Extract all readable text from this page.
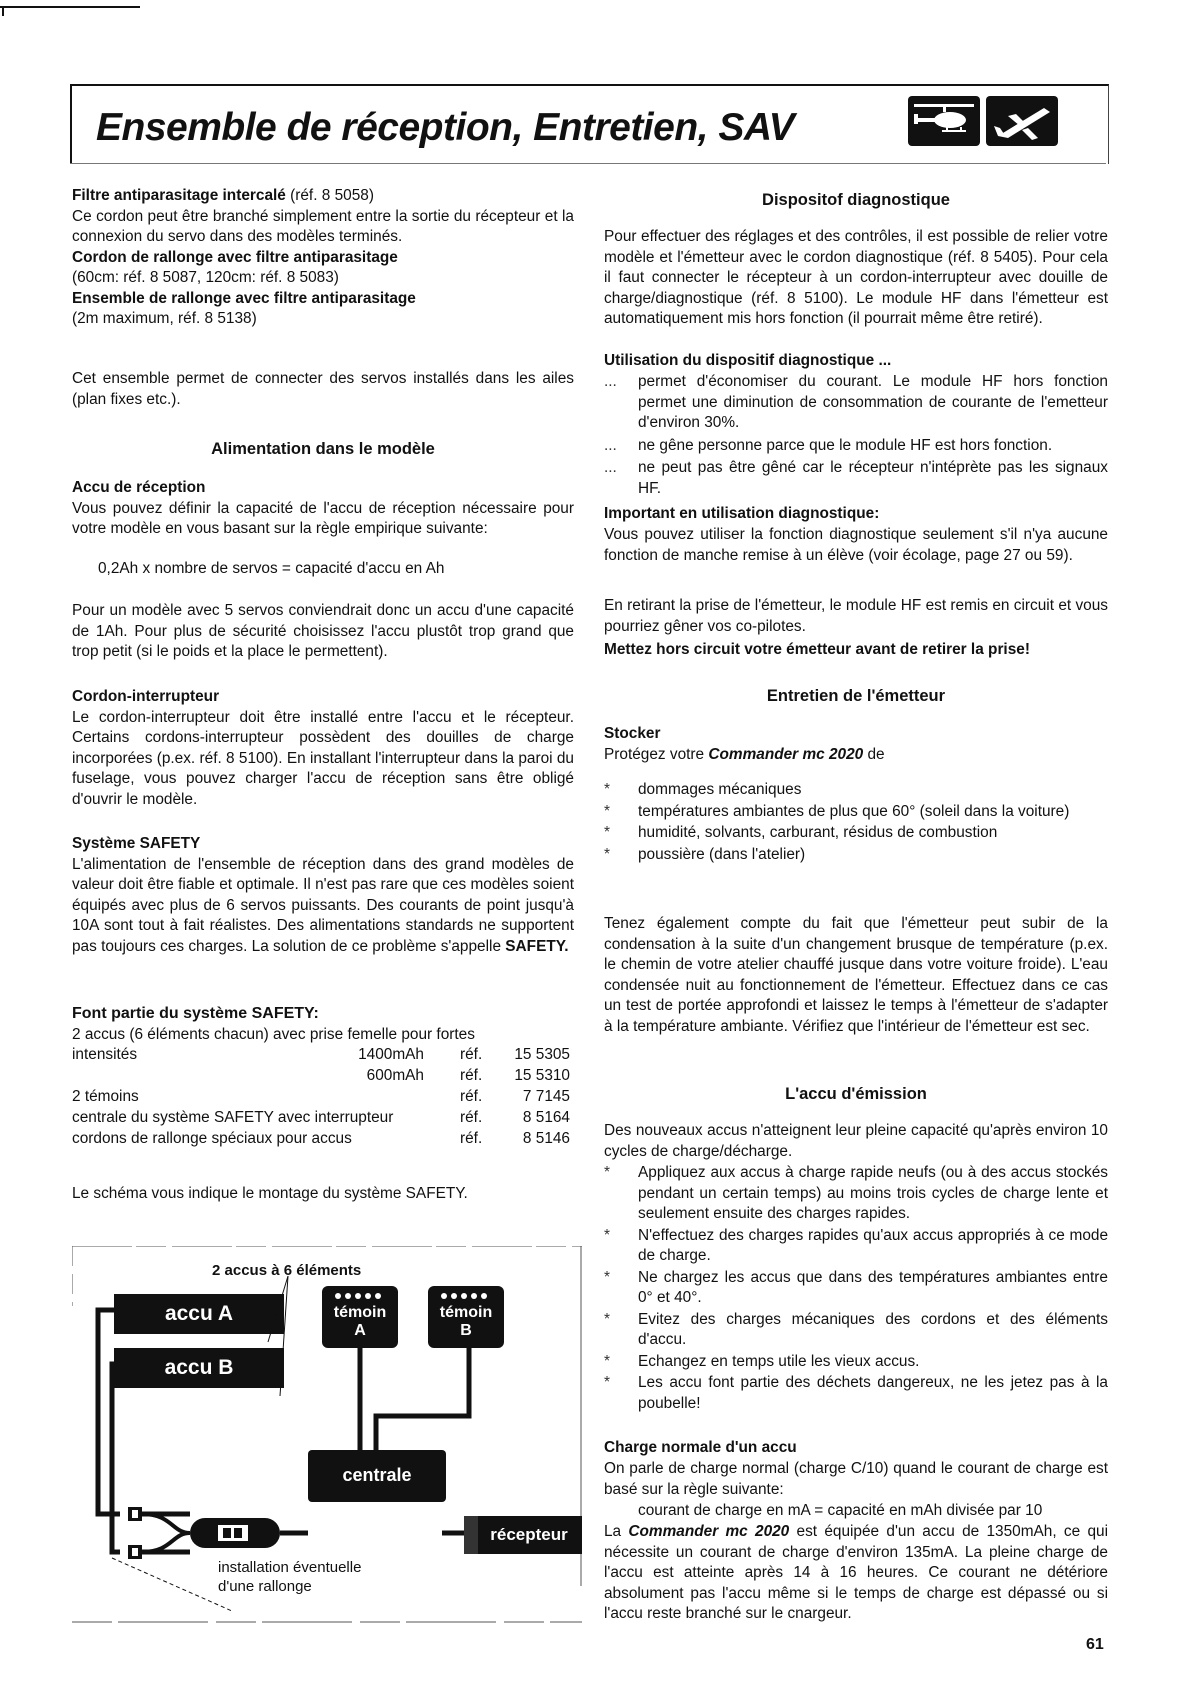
Ensemble de réception, Entretien, SAV
Filtre antiparasitage intercalé (réf. 8 5058)
Ce cordon peut être branché simplement entre la sortie du récepteur et la connexion du servo dans des modèles terminés.
Cordon de rallonge avec filtre antiparasitage
(60cm: réf. 8 5087, 120cm: réf. 8 5083)
Ensemble de rallonge avec filtre antiparasitage
(2m maximum, réf. 8 5138)
Cet ensemble permet de connecter des servos installés dans les ailes (plan fixes etc.).
Alimentation dans le modèle
Accu de réception
Vous pouvez définir la capacité de l'accu de réception nécessaire pour votre modèle en vous basant sur la règle empirique suivante:
0,2Ah x nombre de servos = capacité d'accu en Ah
Pour un modèle avec 5 servos conviendrait donc un accu d'une capacité de 1Ah. Pour plus de sécurité choisissez l'accu plustôt trop grand que trop petit (si le poids et la place le permettent).
Cordon-interrupteur
Le cordon-interrupteur doit être installé entre l'accu et le récepteur. Certains cordons-interrupteur possèdent des douilles de charge incorporées (p.ex. réf. 8 5100). En installant l'interrupteur dans la paroi du fuselage, vous pouvez charger l'accu de réception sans être obligé d'ouvrir le modèle.
Système SAFETY
L'alimentation de l'ensemble de réception dans des grand modèles de valeur doit être fiable et optimale. Il n'est pas rare que ces modèles soient équipés avec plus de 6 servos puissants. Des courants de point jusqu'à 10A sont tout à fait réalistes. Des alimentations standards ne supportent pas toujours ces charges. La solution de ce problème s'appelle SAFETY.
Font partie du système SAFETY:
2 accus (6 éléments chacun) avec prise femelle pour fortes
intensités	1400mAh réf.	15 5305
600mAh réf.	15 5310
2 témoins	réf.	7 7145
centrale du système SAFETY avec interrupteur	réf.	8 5164
cordons de rallonge spéciaux pour accus	réf.	8 5146
Le schéma vous indique le montage du système SAFETY.
2 accus à 6 éléments
accu A
accu B
témoin
A
témoin
B
centrale
récepteur
installation éventuelle
d'une rallonge
Dispositof diagnostique
Pour effectuer des réglages et des contrôles, il est possible de relier votre modèle et l'émetteur avec le cordon diagnostique (réf. 8 5405). Pour cela il faut connecter le récepteur à un cordon-interrupteur avec douille de charge/diagnostique (réf. 8 5100). Le module HF dans l'émetteur est automatiquement mis hors fonction (il pourrait même être retiré).
Utilisation du dispositif diagnostique ...
...	permet d'économiser du courant. Le module HF hors fonction permet une diminution de consommation de courante de l'emetteur d'environ 30%.
...	ne gêne personne parce que le module HF est hors fonction.
...	ne peut pas être gêné car le récepteur n'intéprète pas les signaux HF.
Important en utilisation diagnostique:
Vous pouvez utiliser la fonction diagnostique seulement s'il n'ya aucune fonction de manche remise à un élève (voir écolage, page 27 ou 59).
En retirant la prise de l'émetteur, le module HF est remis en circuit et vous pourriez gêner vos co-pilotes.
Mettez hors circuit votre émetteur avant de retirer la prise!
Entretien de l'émetteur
Stocker
Protégez votre Commander mc 2020 de
*	dommages mécaniques
*	températures ambiantes de plus que 60° (soleil dans la voiture)
*	humidité, solvants, carburant, résidus de combustion
*	poussière (dans l'atelier)
Tenez également compte du fait que l'émetteur peut subir de la condensation à la suite d'un changement brusque de température (p.ex. le chemin de votre atelier chauffé jusque dans votre voiture froide). L'eau condensée nuit au fonctionnement de l'émetteur. Effectuez dans ce cas un test de portée approfondi et laissez le temps à l'émetteur de s'adapter à la température ambiante. Vérifiez que l'intérieur de l'émetteur est sec.
L'accu d'émission
Des nouveaux accus n'atteignent leur pleine capacité qu'après environ 10 cycles de charge/décharge.
*	Appliquez aux accus à charge rapide neufs (ou à des accus stockés pendant un certain temps) au moins trois cycles de charge lente et seulement ensuite des charges rapides.
*	N'effectuez des charges rapides qu'aux accus appropriés à ce mode de charge.
*	Ne chargez les accus que dans des températures ambiantes entre 0° et 40°.
*	Evitez des charges mécaniques des cordons et des éléments d'accu.
*	Echangez en temps utile les vieux accus.
*	Les accu font partie des déchets dangereux, ne les jetez pas à la poubelle!
Charge normale d'un accu
On parle de charge normal (charge C/10) quand le courant de charge est basé sur la règle suivante:
courant de charge en mA = capacité en mAh divisée par 10
La Commander mc 2020 est équipée d'un accu de 1350mAh, ce qui nécessite un courant de charge d'environ 135mA. La pleine charge de l'accu est atteinte après 14 à 16 heures. Ce courant ne détériore absolument pas l'accu même si le temps de charge est dépassé ou si l'accu reste branché sur le cnargeur.
61
